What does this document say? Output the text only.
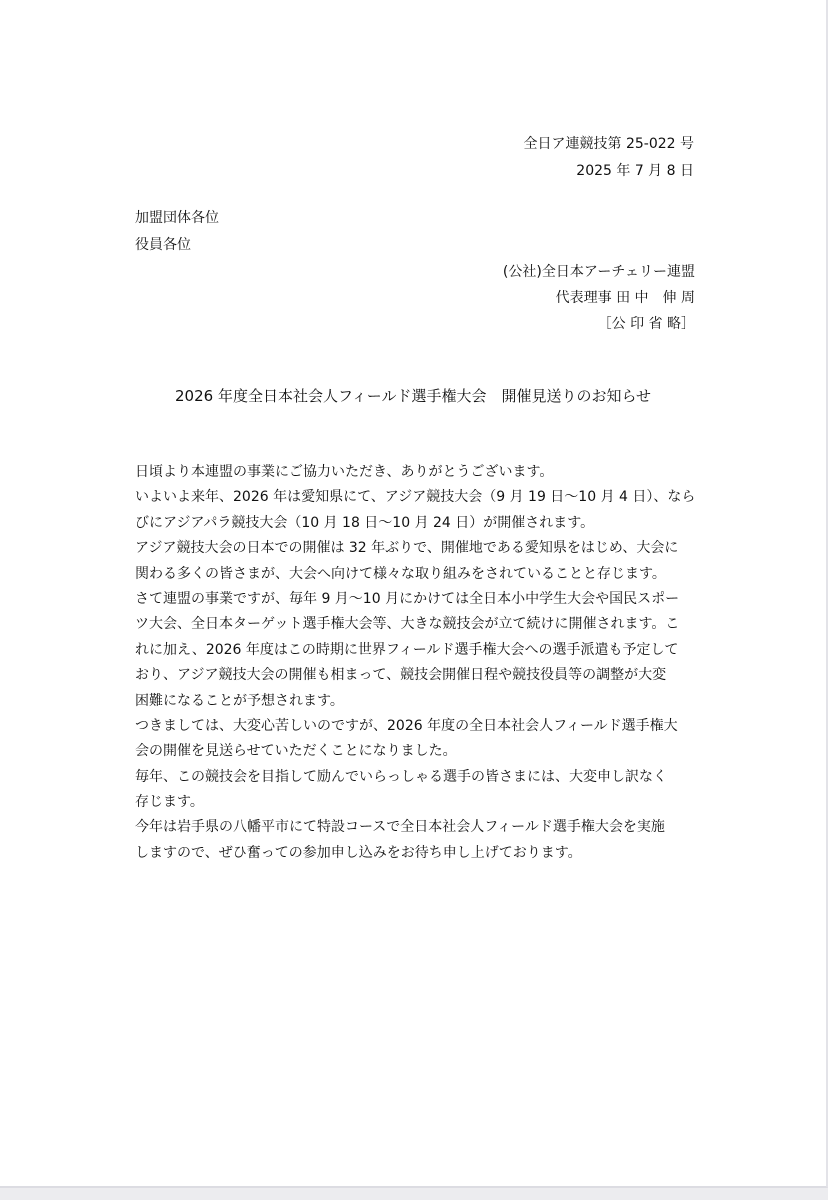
全日ア連競技第 25-022 号
2025 年 7 月 8 日
加盟団体各位
役員各位
(公社)全日本アーチェリー連盟
代表理事 田 中　伸 周
［公 印 省 略］
2026 年度全日本社会人フィールド選手権大会　開催見送りのお知らせ
日頃より本連盟の事業にご協力いただき、ありがとうございます。
いよいよ来年、2026 年は愛知県にて、アジア競技大会（9 月 19 日〜10 月 4 日）、なら
びにアジアパラ競技大会（10 月 18 日〜10 月 24 日）が開催されます。
アジア競技大会の日本での開催は 32 年ぶりで、開催地である愛知県をはじめ、大会に
関わる多くの皆さまが、大会へ向けて様々な取り組みをされていることと存じます。
さて連盟の事業ですが、毎年 9 月〜10 月にかけては全日本小中学生大会や国民スポー
ツ大会、全日本ターゲット選手権大会等、大きな競技会が立て続けに開催されます。こ
れに加え、2026 年度はこの時期に世界フィールド選手権大会への選手派遣も予定して
おり、アジア競技大会の開催も相まって、競技会開催日程や競技役員等の調整が大変
困難になることが予想されます。
つきましては、大変心苦しいのですが、2026 年度の全日本社会人フィールド選手権大
会の開催を見送らせていただくことになりました。
毎年、この競技会を目指して励んでいらっしゃる選手の皆さまには、大変申し訳なく
存じます。
今年は岩手県の八幡平市にて特設コースで全日本社会人フィールド選手権大会を実施
しますので、ぜひ奮っての参加申し込みをお待ち申し上げております。
